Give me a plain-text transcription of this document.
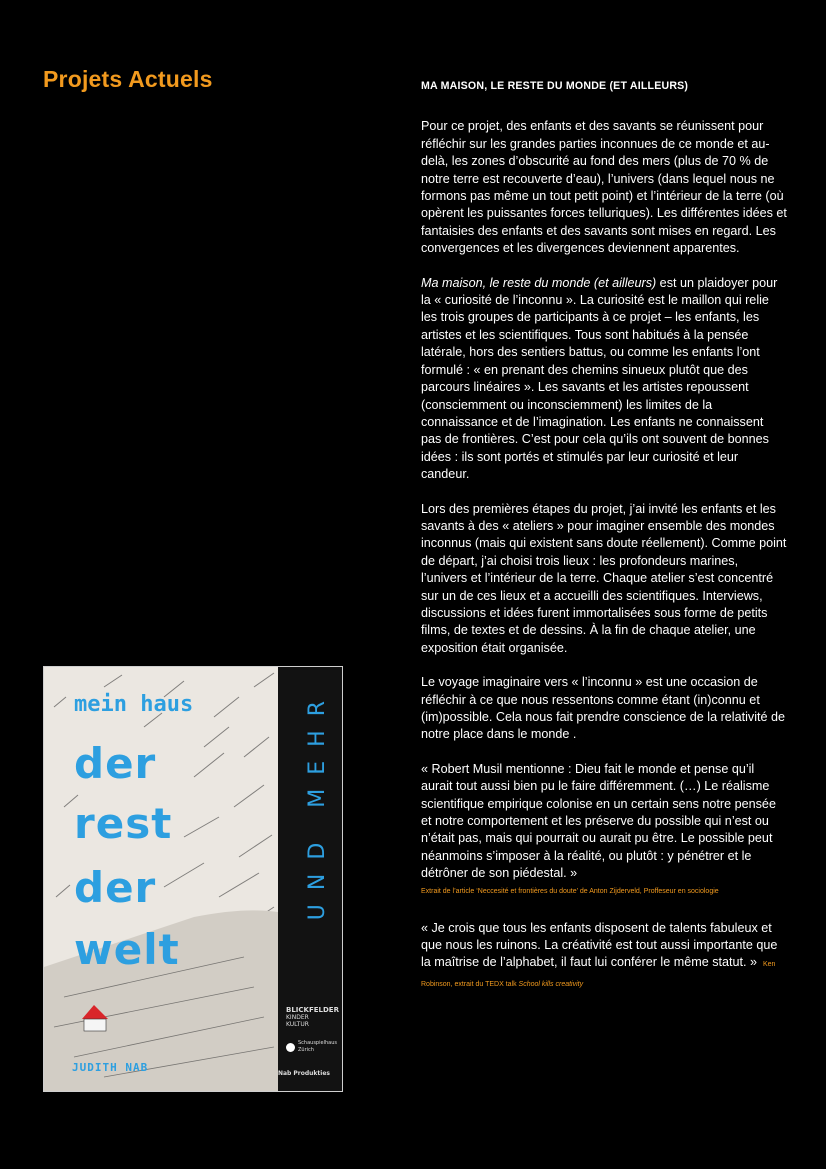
Projets Actuels	MA MAISON, LE RESTE DU MONDE (ET AILLEURS)

Pour ce projet, des enfants et des savants se réunissent pour réfléchir sur les grandes parties inconnues de ce monde et au-delà, les zones d’obscurité au fond des mers (plus de 70 % de notre terre est recouverte d’eau), l’univers (dans lequel nous ne formons pas même un tout petit point) et l’intérieur de la terre (où opèrent les puissantes forces telluriques). Les différentes idées et fantaisies des enfants et des savants sont mises en regard. Les convergences et les divergences deviennent apparentes.

Ma maison, le reste du monde (et ailleurs) est un plaidoyer pour la « curiosité de l’inconnu ». La curiosité est le maillon qui relie les trois groupes de participants à ce projet – les enfants, les artistes et les scientifiques. Tous sont habitués à la pensée latérale, hors des sentiers battus, ou comme les enfants l’ont formulé : « en prenant des chemins sinueux plutôt que des parcours linéaires ». Les savants et les artistes repoussent (consciemment ou inconsciemment) les limites de la connaissance et de l’imagination. Les enfants ne connaissent pas de frontières. C’est pour cela qu’ils ont souvent de bonnes idées : ils sont portés et stimulés par leur curiosité et leur candeur.

Lors des premières étapes du projet, j’ai invité les enfants et les savants à des « ateliers » pour imaginer ensemble des mondes inconnus (mais qui existent sans doute réellement). Comme point de départ, j’ai choisi trois lieux : les profondeurs marines, l’univers et l’intérieur de la terre. Chaque atelier s’est concentré sur un de ces lieux et a accueilli des scientifiques. Interviews, discussions et idées furent immortalisées sous forme de petits films, de textes et de dessins. À la fin de chaque atelier, une exposition était organisée.

Le voyage imaginaire vers « l’inconnu » est une occasion de réfléchir à ce que nous ressentons comme étant (in)connu et (im)possible. Cela nous fait prendre conscience de la relativité de notre place dans le monde .

« Robert Musil mentionne : Dieu fait le monde et pense qu’il aurait tout aussi bien pu le faire différemment. (…) Le réalisme scientifique empirique colonise en un certain sens notre pensée et notre comportement et les préserve du possible qui n’est ou n’était pas, mais qui pourrait ou aurait pu être. Le possible peut néanmoins s’imposer à la réalité, ou plutôt : y pénétrer et le détrôner de son piédestal. »

Extrait de l’article ‘Neccesité et frontières du doute’ de Anton Zijderveld, Proffeseur en sociologie

« Je crois que tous les enfants disposent de talents fabuleux et que nous les ruinons. La créativité est tout aussi importante que la maîtrise de l’alphabet, il faut lui conférer le même statut. » Ken Robinson, extrait du TEDX talk School kills creativity

mein haus
der
rest
der
welt
UND MEHR
BLICKFELDER
KINDER KULTUR
Schauspielhaus Zürich
JUDITH NAB	Nab Produkties
